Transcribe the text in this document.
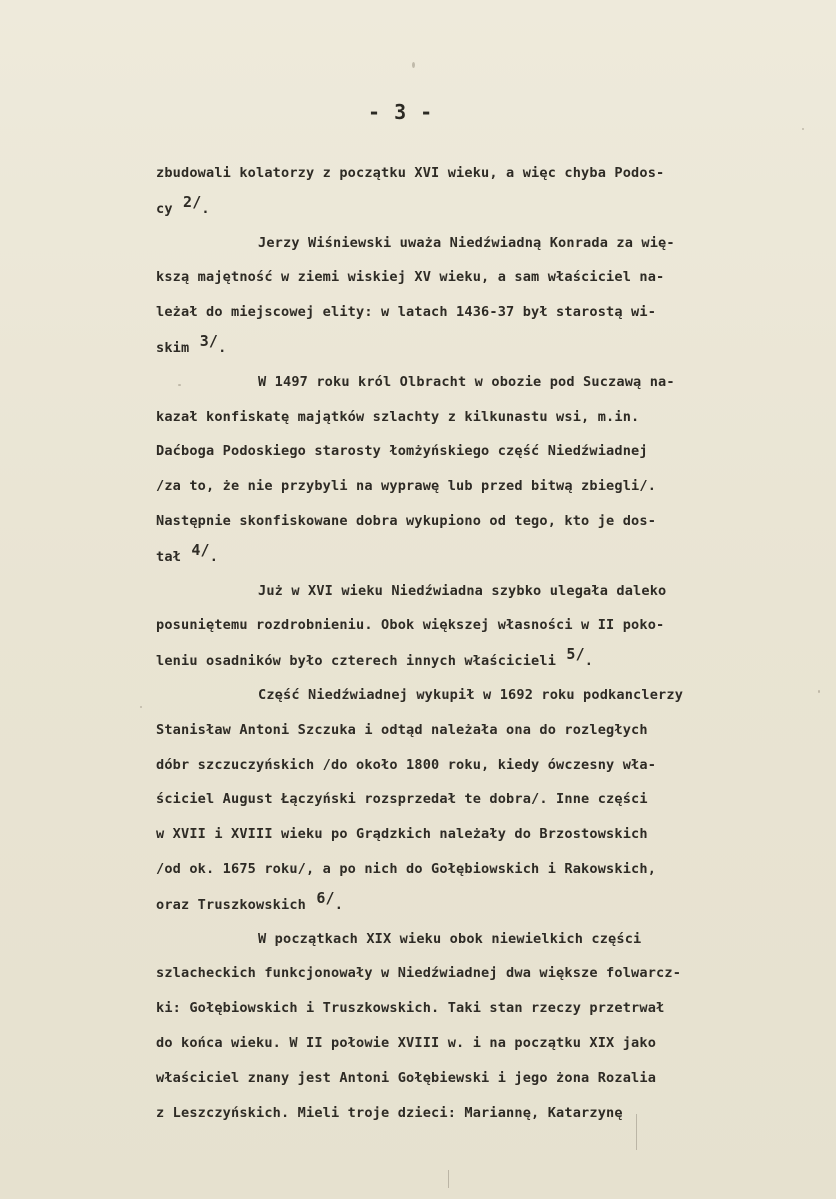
- 3 -
zbudowali kolatorzy z początku XVI wieku, a więc chyba Podos-
cy 2/.
Jerzy Wiśniewski uważa Niedźwiadną Konrada za wię-
kszą majętność w ziemi wiskiej XV wieku, a sam właściciel na-
leżał do miejscowej elity: w latach 1436-37 był starostą wi-
skim 3/.
W 1497 roku król Olbracht w obozie pod Suczawą na-
kazał konfiskatę majątków szlachty z kilkunastu wsi, m.in.
Daćboga Podoskiego starosty łomżyńskiego część Niedźwiadnej
/za to, że nie przybyli na wyprawę lub przed bitwą zbiegli/.
Następnie skonfiskowane dobra wykupiono od tego, kto je dos-
tał 4/.
Już w XVI wieku Niedźwiadna szybko ulegała daleko
posuniętemu rozdrobnieniu. Obok większej własności w II poko-
leniu osadników było czterech innych właścicieli 5/.
Część Niedźwiadnej wykupił w 1692 roku podkanclerzy
Stanisław Antoni Szczuka i odtąd należała ona do rozległych
dóbr szczuczyńskich /do około 1800 roku, kiedy ówczesny wła-
ściciel August Łączyński rozsprzedał te dobra/. Inne części
w XVII i XVIII wieku po Grądzkich należały do Brzostowskich
/od ok. 1675 roku/, a po nich do Gołębiowskich i Rakowskich,
oraz Truszkowskich 6/.
W początkach XIX wieku obok niewielkich części
szlacheckich funkcjonowały w Niedźwiadnej dwa większe folwarcz-
ki: Gołębiowskich i Truszkowskich. Taki stan rzeczy przetrwał
do końca wieku. W II połowie XVIII w. i na początku XIX jako
właściciel znany jest Antoni Gołębiewski i jego żona Rozalia
z Leszczyńskich. Mieli troje dzieci: Mariannę, Katarzynę
